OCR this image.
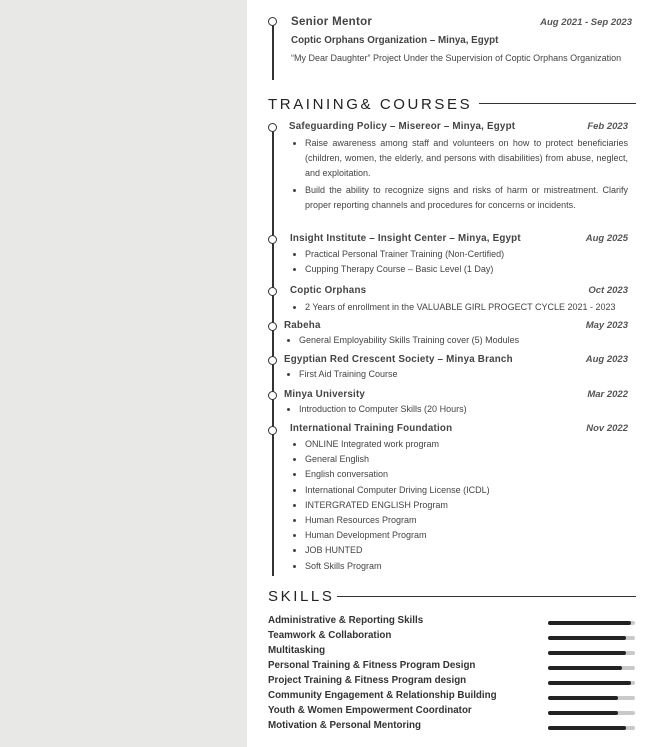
Senior Mentor	Aug 2021 - Sep 2023
Coptic Orphans Organization – Minya, Egypt
“My Dear Daughter” Project Under the Supervision of Coptic Orphans Organization
TRAINING& COURSES
Safeguarding Policy – Misereor – Minya, Egypt	Feb 2023
Raise awareness among staff and volunteers on how to protect beneficiaries (children, women, the elderly, and persons with disabilities) from abuse, neglect, and exploitation.
Build the ability to recognize signs and risks of harm or mistreatment. Clarify proper reporting channels and procedures for concerns or incidents.
Insight Institute – Insight Center – Minya, Egypt	Aug 2025
Practical Personal Trainer Training (Non-Certified)
Cupping Therapy Course – Basic Level (1 Day)
Coptic Orphans	Oct 2023
2 Years of enrollment in the VALUABLE GIRL PROGECT CYCLE 2021 - 2023
Rabeha	May 2023
General Employability Skills Training cover (5) Modules
Egyptian Red Crescent Society – Minya Branch	Aug 2023
First Aid Training Course
Minya University	Mar 2022
Introduction to Computer Skills (20 Hours)
International Training Foundation	Nov 2022
ONLINE Integrated work program
General English
English conversation
International Computer Driving License (ICDL)
INTERGRATED ENGLISH Program
Human Resources Program
Human Development Program
JOB HUNTED
Soft Skills Program
SKILLS
Administrative & Reporting Skills
Teamwork & Collaboration
Multitasking
Personal Training & Fitness Program Design
Project Training & Fitness Program design
Community Engagement & Relationship Building
Youth & Women Empowerment Coordinator
Motivation & Personal Mentoring
